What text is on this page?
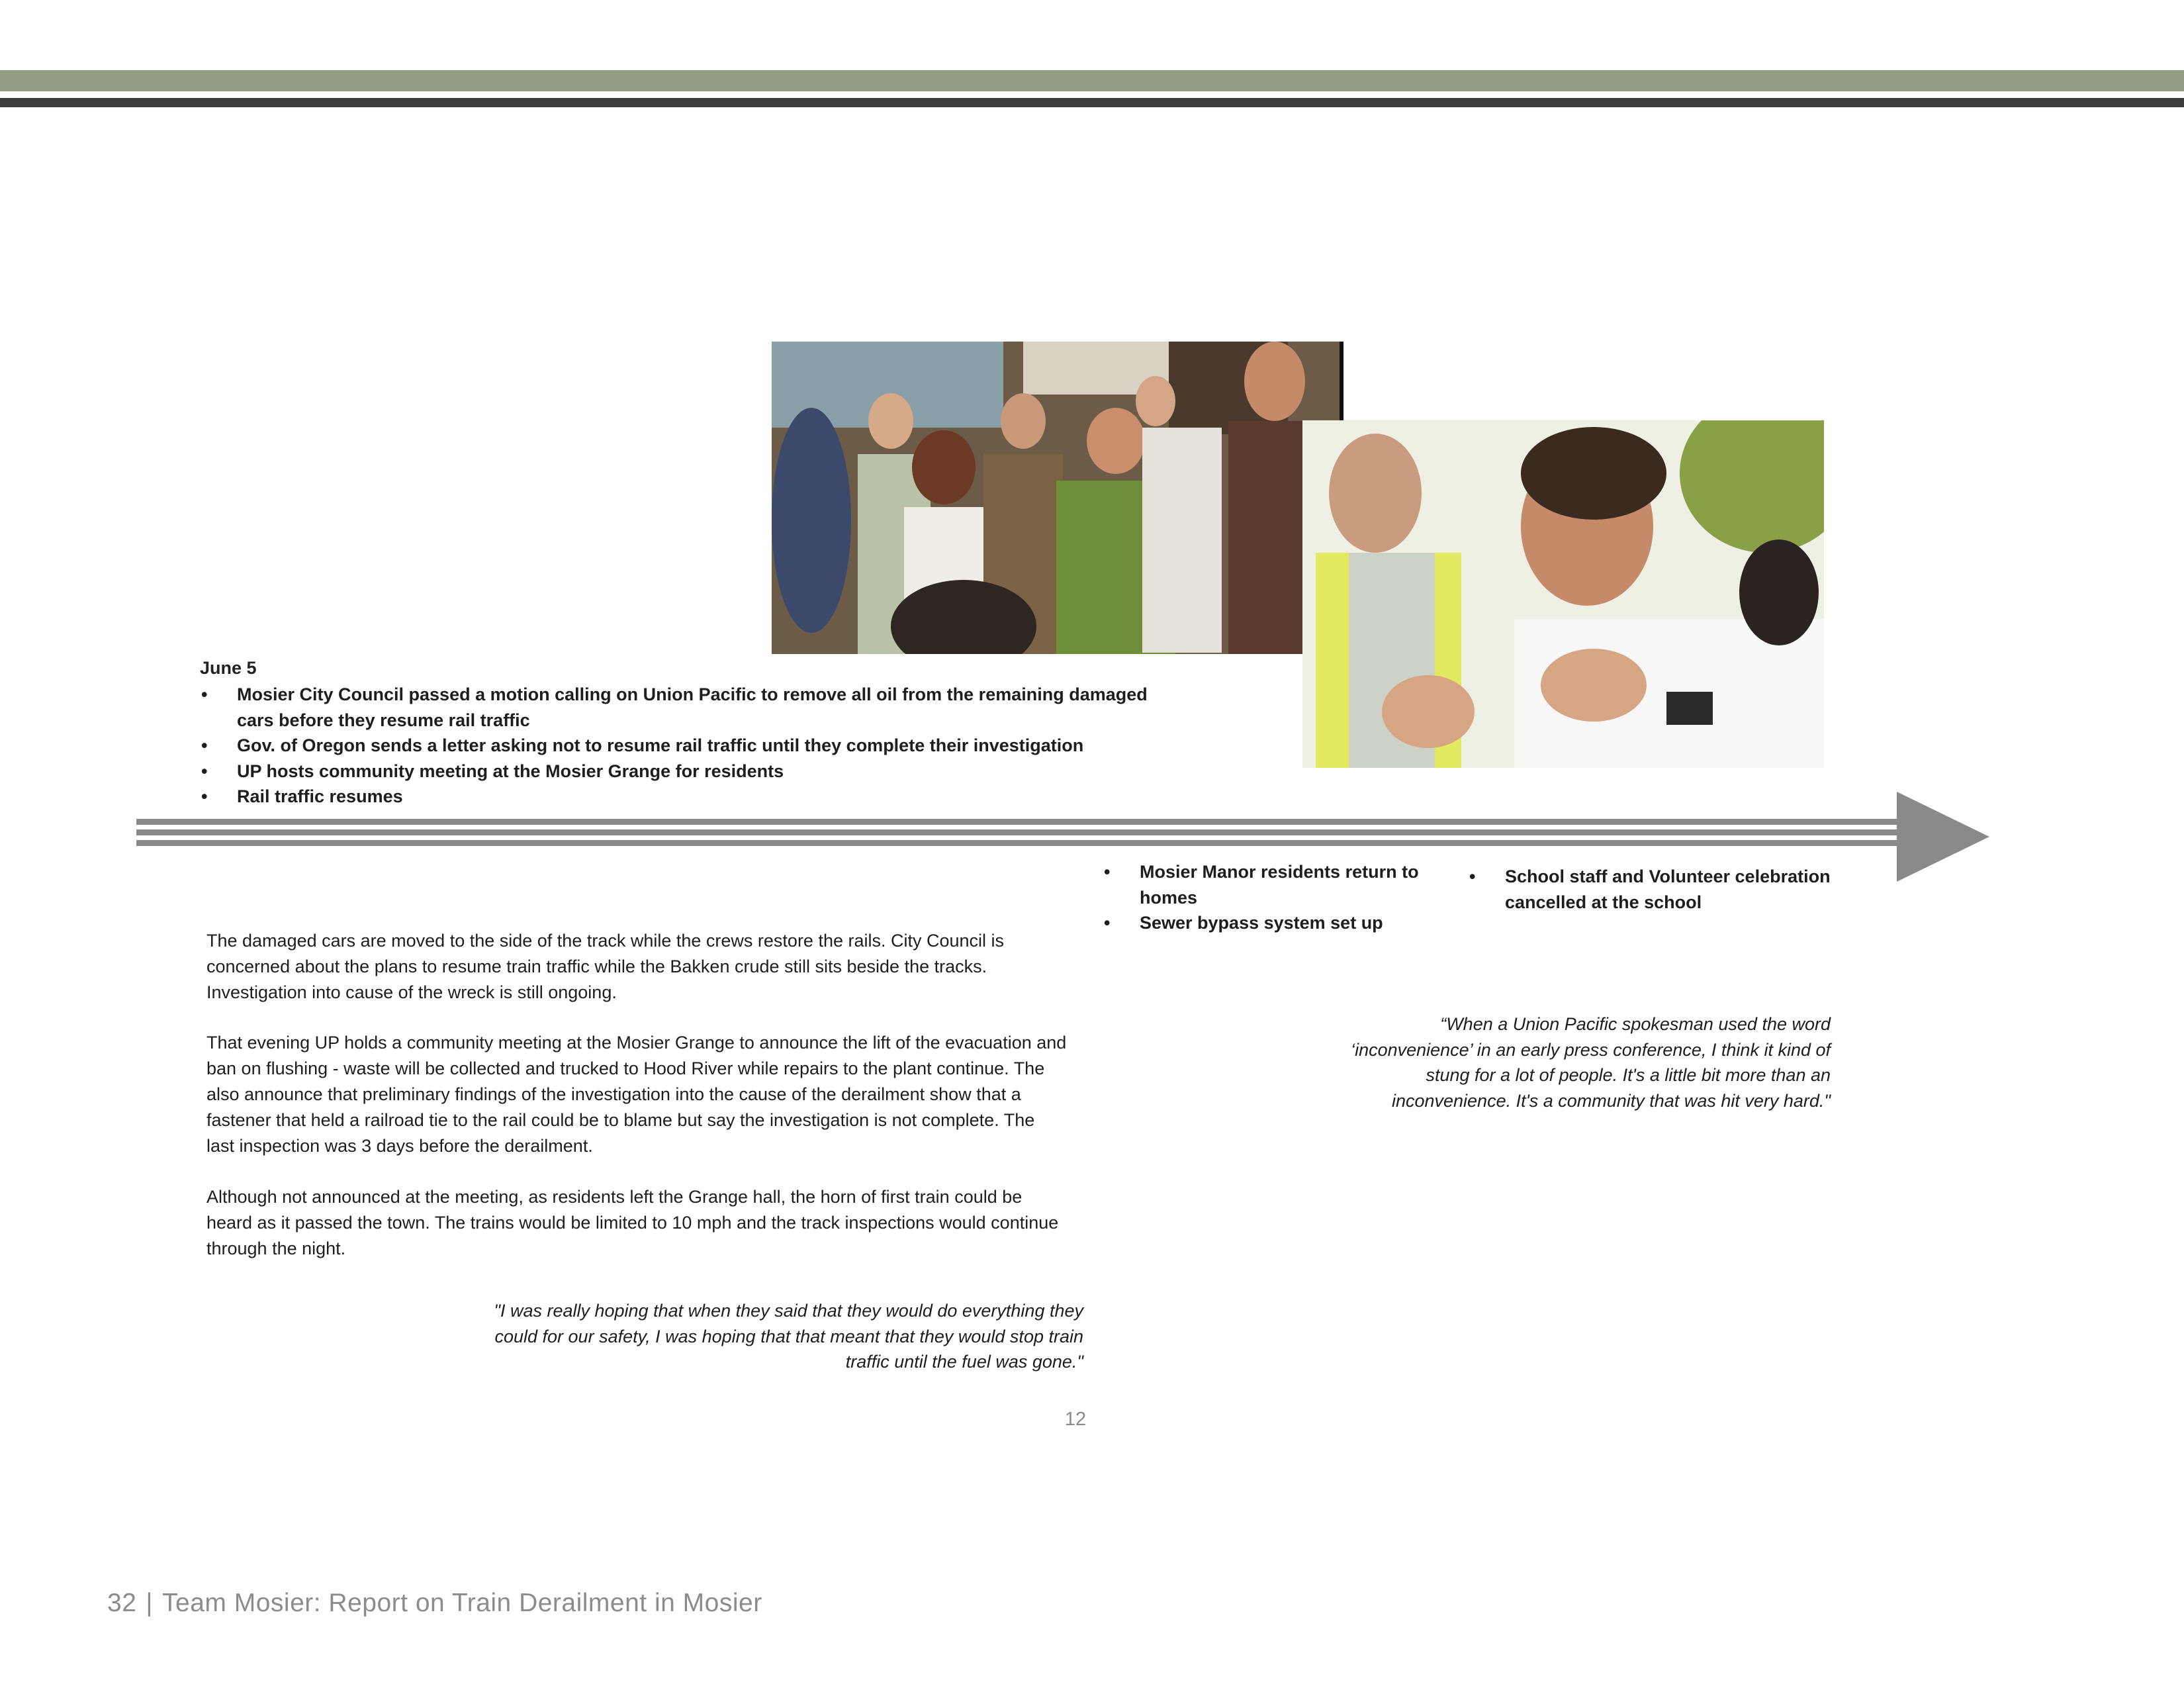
June 5
• Mosier City Council passed a motion calling on Union Pacific to remove all oil from the remaining damaged cars before they resume rail traffic
• Gov. of Oregon sends a letter asking not to resume rail traffic until they complete their investigation
• UP hosts community meeting at the Mosier Grange for residents
• Rail traffic resumes
• Mosier Manor residents return to homes
• Sewer bypass system set up
• School staff and Volunteer celebration cancelled at the school

The damaged cars are moved to the side of the track while the crews restore the rails. City Council is concerned about the plans to resume train traffic while the Bakken crude still sits beside the tracks. Investigation into cause of the wreck is still ongoing.

That evening UP holds a community meeting at the Mosier Grange to announce the lift of the evacuation and ban on flushing - waste will be collected and trucked to Hood River while repairs to the plant continue. The also announce that preliminary findings of the investigation into the cause of the derailment show that a fastener that held a railroad tie to the rail could be to blame but say the investigation is not complete. The last inspection was 3 days before the derailment.

Although not announced at the meeting, as residents left the Grange hall, the horn of first train could be heard as it passed the town. The trains would be limited to 10 mph and the track inspections would continue through the night.

"I was really hoping that when they said that they would do everything they could for our safety, I was hoping that that meant that they would stop train traffic until the fuel was gone."

“When a Union Pacific spokesman used the word ‘inconvenience’ in an early press conference, I think it kind of stung for a lot of people. It's a little bit more than an inconvenience. It's a community that was hit very hard."

12
32 | Team Mosier: Report on Train Derailment in Mosier
